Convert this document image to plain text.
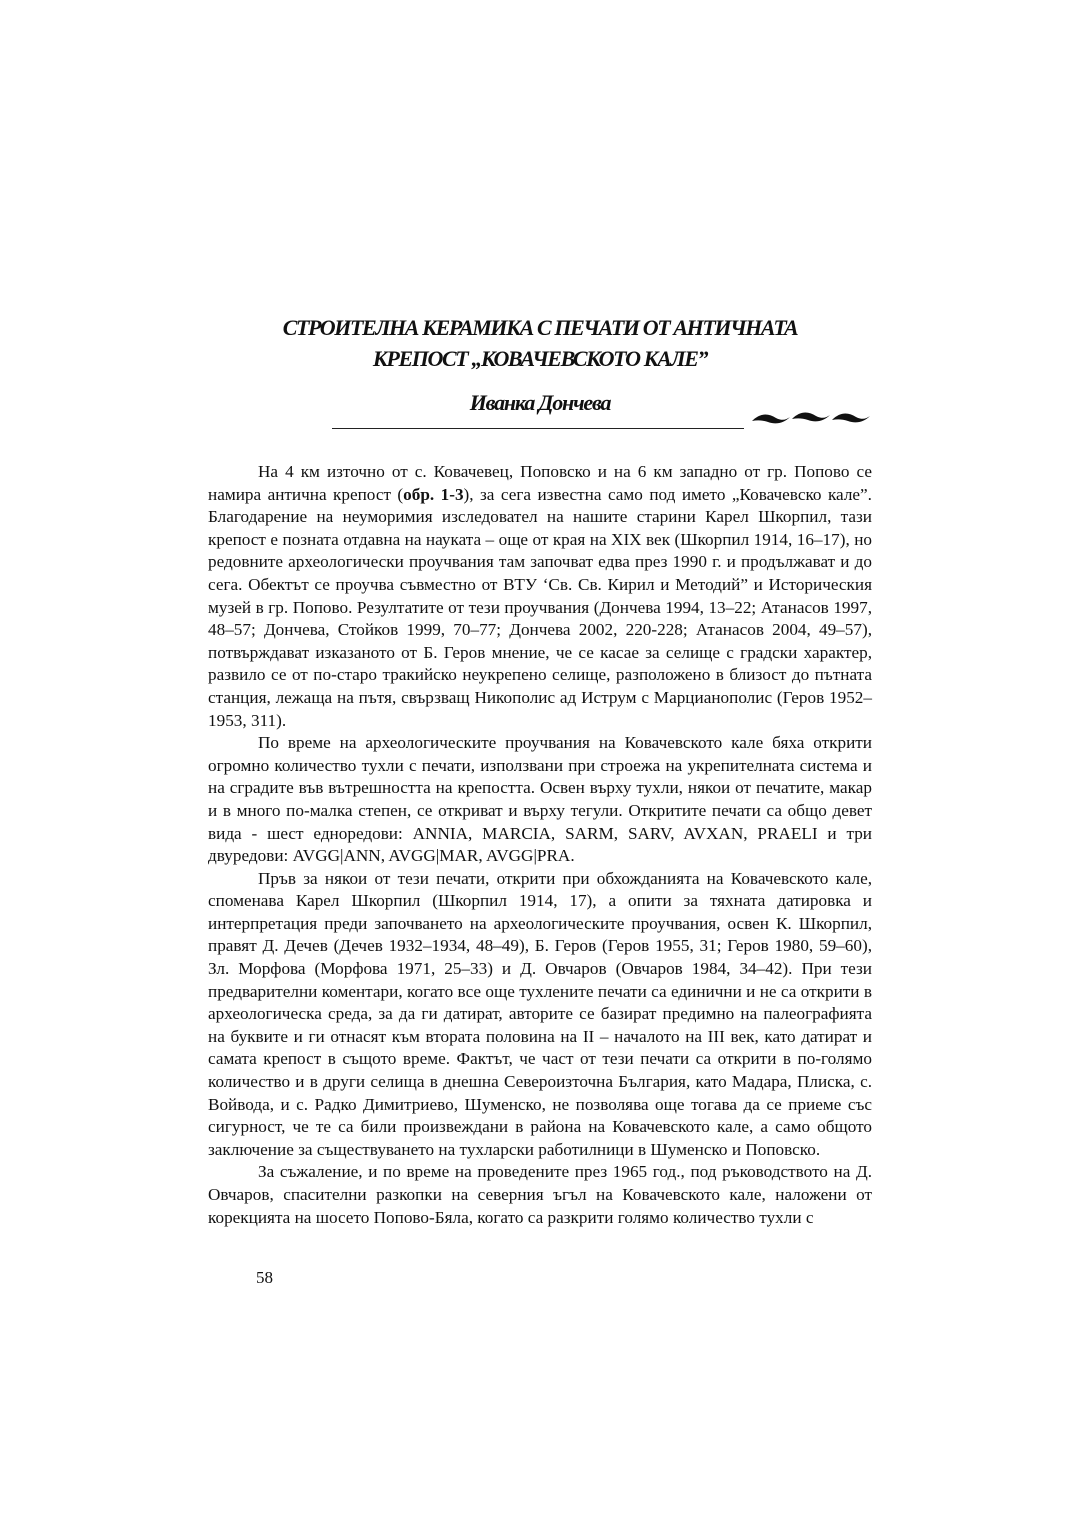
СТРОИТЕЛНА КЕРАМИКА С ПЕЧАТИ ОТ АНТИЧНАТА
КРЕПОСТ „КОВАЧЕВСКОТО КАЛЕ”
Иванка Дончева

На 4 км източно от с. Ковачевец, Поповско и на 6 км западно от гр. Попово се намира антична крепост (обр. 1-3), за сега известна само под името „Ковачевско кале”. Благодарение на неуморимия изследовател на нашите старини Карел Шкорпил, тази крепост е позната отдавна на науката – още от края на XIX век (Шкорпил 1914, 16–17), но редовните археологически проучвания там започват едва през 1990 г. и продължават и до сега. Обектът се проучва съвместно от ВТУ ‘Св. Св. Кирил и Методий” и Историческия музей в гр. Попово. Резултатите от тези проучвания (Дончева 1994, 13–22; Атанасов 1997, 48–57; Дончева, Стойков 1999, 70–77; Дончева 2002, 220-228; Атанасов 2004, 49–57), потвърждават изказаното от Б. Геров мнение, че се касае за селище с градски характер, развило се от по-старо тракийско неукрепено селище, разположено в близост до пътната станция, лежаща на пътя, свързващ Никополис ад Иструм с Марцианополис (Геров 1952–1953, 311).

По време на археологическите проучвания на Ковачевското кале бяха открити огромно количество тухли с печати, използвани при строежа на укрепителната система и на сградите във вътрешността на крепостта. Освен върху тухли, някои от печатите, макар и в много по-малка степен, се откриват и върху тегули. Откритите печати са общо девет вида - шест едноредови: ANNIA, MARCIA, SARM, SARV, AVXAN, PRAELI и три двуредови: AVGG|ANN, AVGG|MAR, AVGG|PRA.

Пръв за някои от тези печати, открити при обхожданията на Ковачевското кале, споменава Карел Шкорпил (Шкорпил 1914, 17), а опити за тяхната датировка и интерпретация преди започването на археологическите проучвания, освен К. Шкорпил, правят Д. Дечев (Дечев 1932–1934, 48–49), Б. Геров (Геров 1955, 31; Геров 1980, 59–60), Зл. Морфова (Морфова 1971, 25–33) и Д. Овчаров (Овчаров 1984, 34–42). При тези предварителни коментари, когато все още тухлените печати са единични и не са открити в археологическа среда, за да ги датират, авторите се базират предимно на палеографията на буквите и ги отнасят към втората половина на II – началото на III век, като датират и самата крепост в същото време. Фактът, че част от тези печати са открити в по-голямо количество и в други селища в днешна Североизточна България, като Мадара, Плиска, с. Войвода, и с. Радко Димитриево, Шуменско, не позволява още тогава да се приеме със сигурност, че те са били произвеждани в района на Ковачевското кале, а само общото заключение за съществуването на тухларски работилници в Шуменско и Поповско.

За съжаление, и по време на проведените през 1965 год., под ръководството на Д. Овчаров, спасителни разкопки на северния ъгъл на Ковачевското кале, наложени от корекцията на шосето Попово-Бяла, когато са разкрити голямо количество тухли с

58
